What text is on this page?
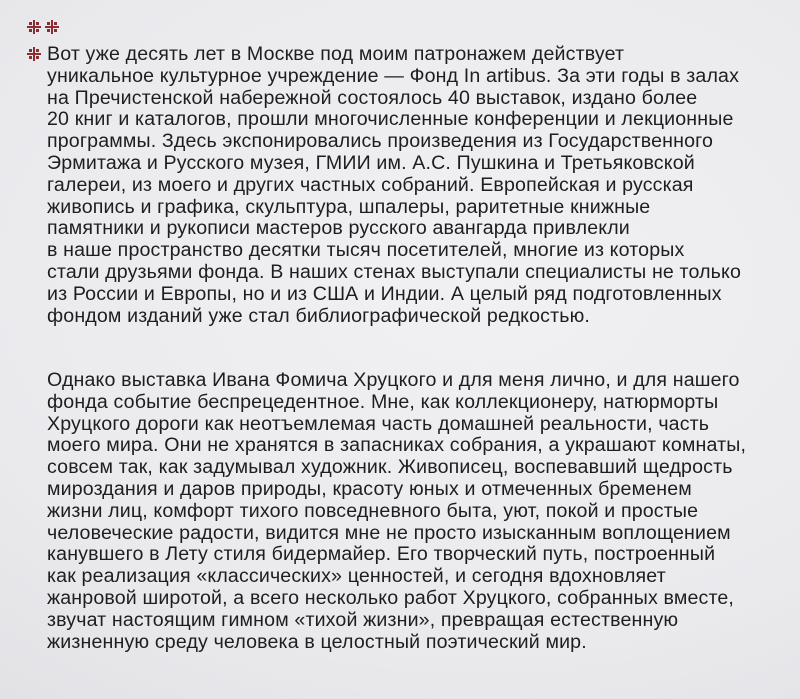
Вот уже десять лет в Москве под моим патронажем действует
уникальное культурное учреждение — Фонд In artibus. За эти годы в залах
на Пречистенской набережной состоялось 40 выставок, издано более
20 книг и каталогов, прошли многочисленные конференции и лекционные
программы. Здесь экспонировались произведения из Государственного
Эрмитажа и Русского музея, ГМИИ им. А.С. Пушкина и Третьяковской
галереи, из моего и других частных собраний. Европейская и русская
живопись и графика, скульптура, шпалеры, раритетные книжные
памятники и рукописи мастеров русского авангарда привлекли
в наше пространство десятки тысяч посетителей, многие из которых
стали друзьями фонда. В наших стенах выступали специалисты не только
из России и Европы, но и из США и Индии. А целый ряд подготовленных
фондом изданий уже стал библиографической редкостью.
Однако выставка Ивана Фомича Хруцкого и для меня лично, и для нашего
фонда событие беспрецедентное. Мне, как коллекционеру, натюрморты
Хруцкого дороги как неотъемлемая часть домашней реальности, часть
моего мира. Они не хранятся в запасниках собрания, а украшают комнаты,
совсем так, как задумывал художник. Живописец, воспевавший щедрость
мироздания и даров природы, красоту юных и отмеченных бременем
жизни лиц, комфорт тихого повседневного быта, уют, покой и простые
человеческие радости, видится мне не просто изысканным воплощением
канувшего в Лету стиля бидермайер. Его творческий путь, построенный
как реализация «классических» ценностей, и сегодня вдохновляет
жанровой широтой, а всего несколько работ Хруцкого, собранных вместе,
звучат настоящим гимном «тихой жизни», превращая естественную
жизненную среду человека в целостный поэтический мир.
